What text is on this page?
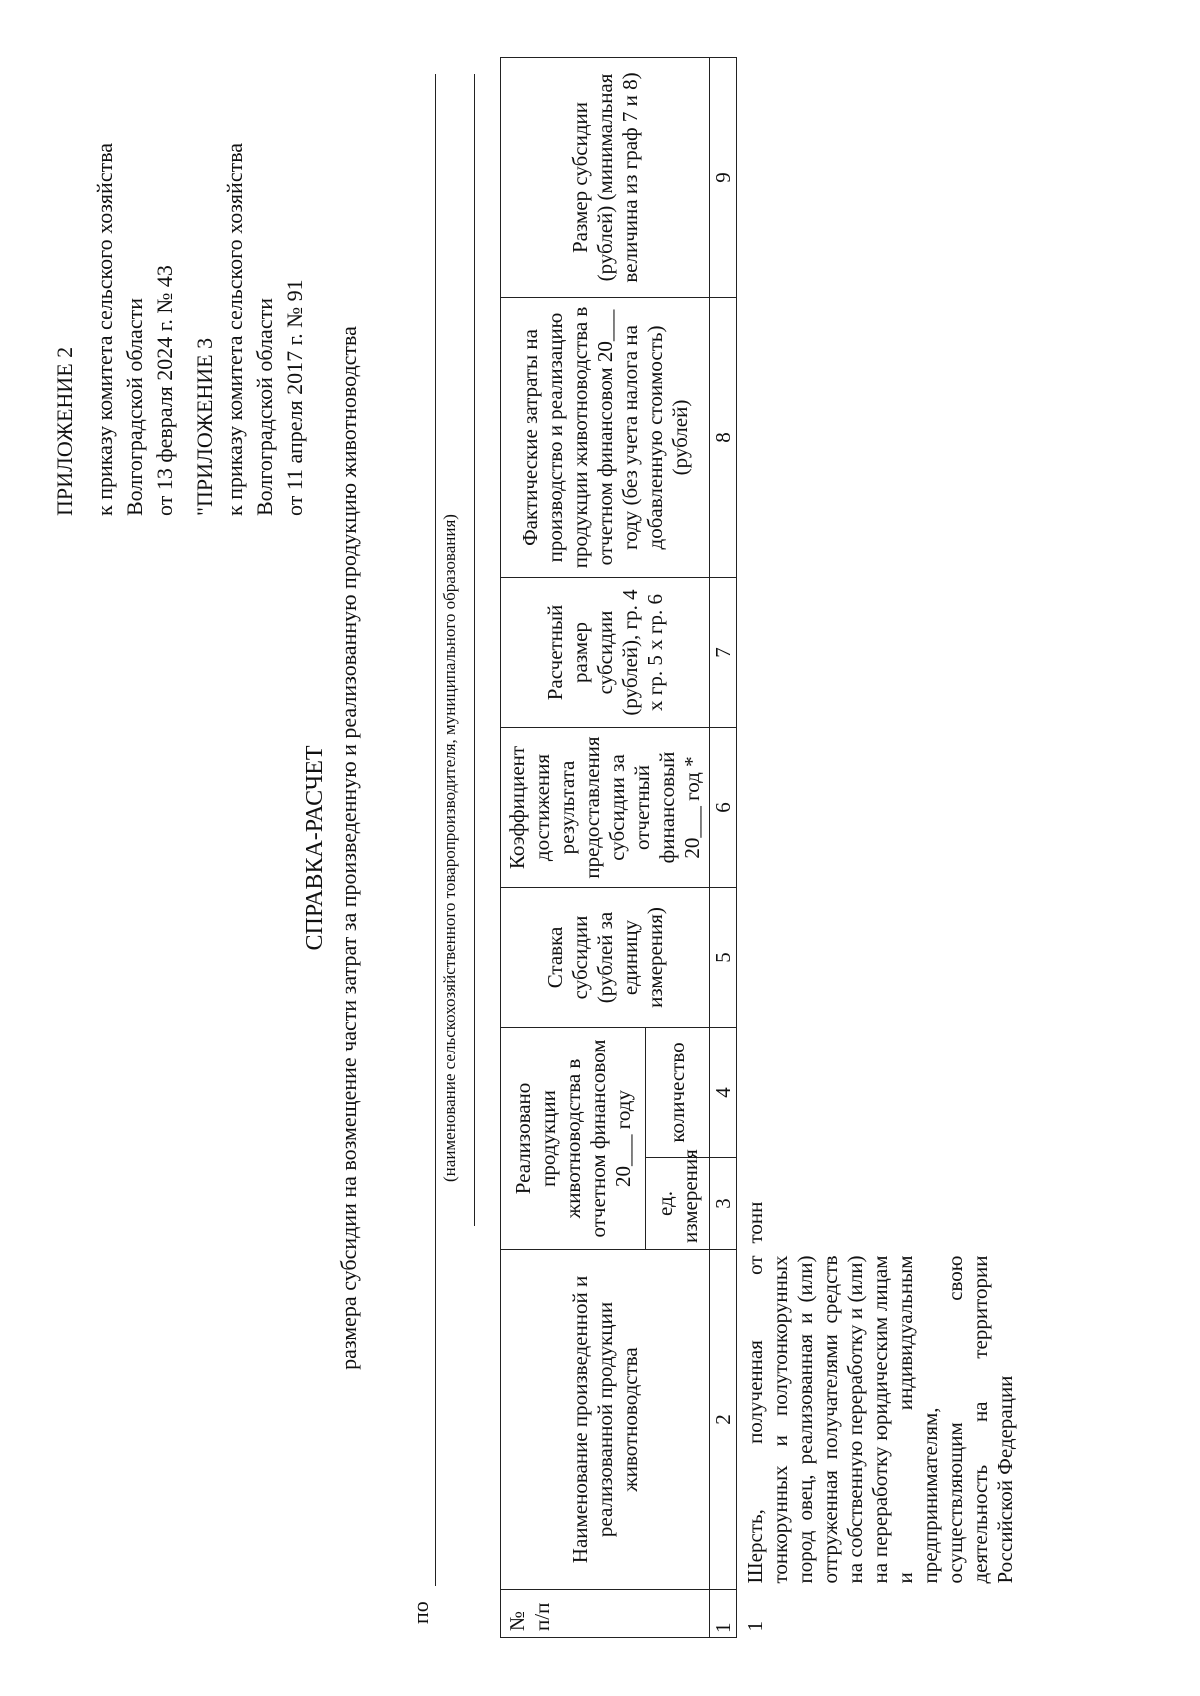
ПРИЛОЖЕНИЕ 2 к приказу комитета сельского хозяйства Волгоградской области от 13 февраля 2024 г. № 43 "ПРИЛОЖЕНИЕ 3 к приказу комитета сельского хозяйства Волгоградской области от 11 апреля 2017 г. № 91
СПРАВКА-РАСЧЕТ размера субсидии на возмещение части затрат за произведенную и реализованную продукцию животноводства
по
(наименование сельскохозяйственного товаропроизводителя, муниципального образования)
№ п/п	Наименование произведенной и реализованной продукции животноводства	Реализовано продукции животноводства в отчетном финансовом 20___ году		Ставка субсидии (рублей за единицу измерения)	Коэффициент достижения результата предоставления субсидии за отчетный финансовый 20___ год *	Расчетный размер субсидии (рублей), гр. 4 х гр. 5 х гр. 6	Фактические затраты на производство и реализацию продукции животноводства в отчетном финансовом 20___ году (без учета налога на добавленную стоимость) (рублей)	Размер субсидии (рублей) (минимальная величина из граф 7 и 8)
		ед. измерения	количество					
1	2	3	4	5	6	7	8	9
1	Шерсть, полученная от тонкорунных и полутонкорунных пород овец, реализованная и (или) отгруженная получателями средств на собственную переработку и (или) на переработку юридическим лицам и индивидуальным предпринимателям, осуществляющим свою деятельность на территории Российской Федерации	тонн						
